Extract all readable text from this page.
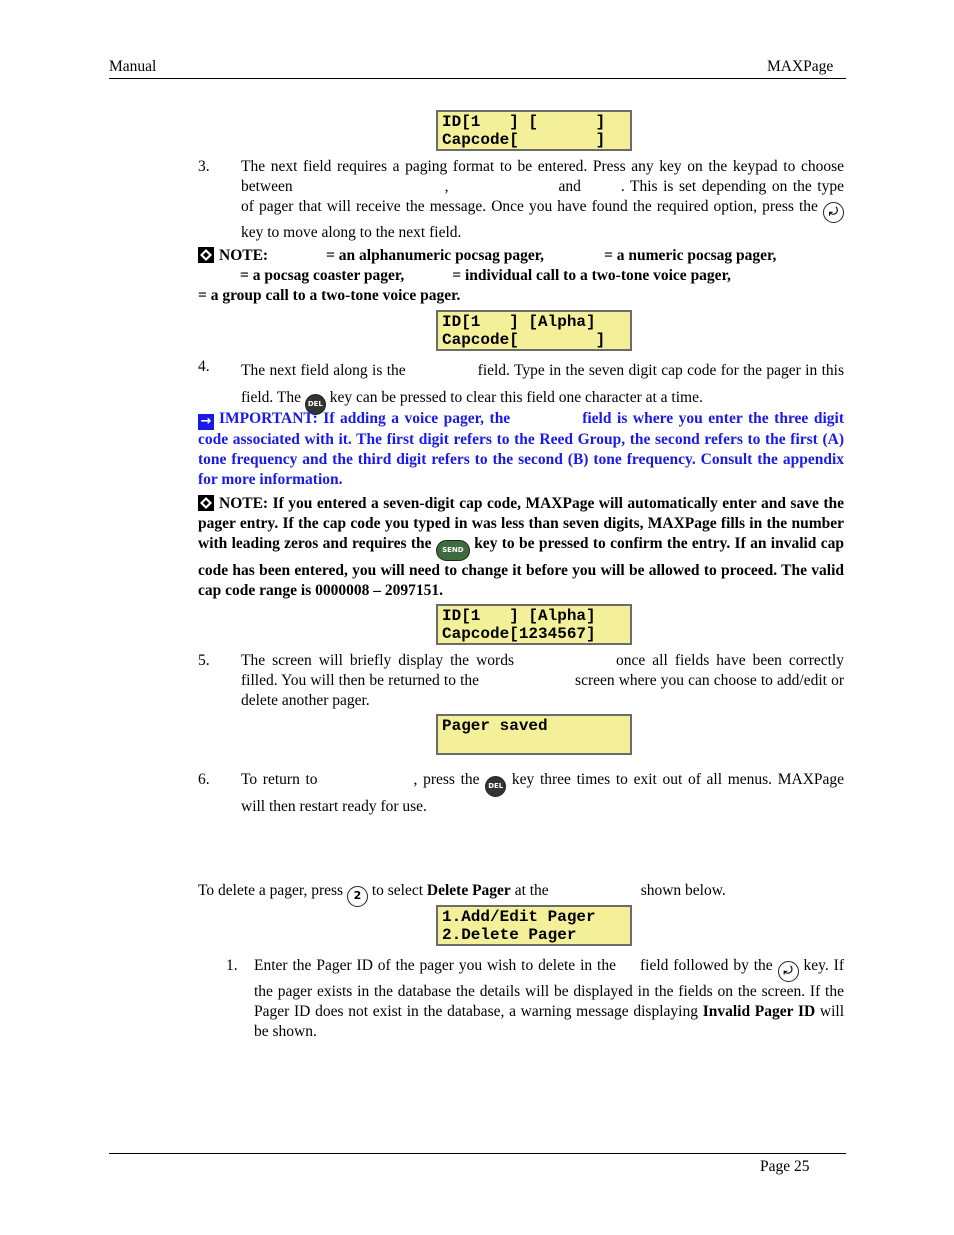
Manual	MAXPage
ID[1   ] [      ]
Capcode[        ]
3. The next field requires a paging format to be entered. Press any key on the keypad to choose between	,	and	. This is set depending on the type of pager that will receive the message. Once you have found the required option, press the ⤾ key to move along to the next field.
NOTE:	= an alphanumeric pocsag pager,	= a numeric pocsag pager,
= a pocsag coaster pager,	= individual call to a two-tone voice pager,
= a group call to a two-tone voice pager.
ID[1   ] [Alpha]
Capcode[        ]
4. The next field along is the	field. Type in the seven digit cap code for the pager in this field. The DEL key can be pressed to clear this field one character at a time.
→ IMPORTANT: If adding a voice pager, the	field is where you enter the three digit code associated with it. The first digit refers to the Reed Group, the second refers to the first (A) tone frequency and the third digit refers to the second (B) tone frequency. Consult the appendix for more information.
NOTE: If you entered a seven-digit cap code, MAXPage will automatically enter and save the pager entry. If the cap code you typed in was less than seven digits, MAXPage fills in the number with leading zeros and requires the SEND key to be pressed to confirm the entry. If an invalid cap code has been entered, you will need to change it before you will be allowed to proceed. The valid cap code range is 0000008 – 2097151.
ID[1   ] [Alpha]
Capcode[1234567]
5. The screen will briefly display the words	once all fields have been correctly filled. You will then be returned to the	screen where you can choose to add/edit or delete another pager.
Pager saved
6. To return to	, press the DEL key three times to exit out of all menus. MAXPage will then restart ready for use.
To delete a pager, press 2 to select Delete Pager at the	shown below.
1.Add/Edit Pager
2.Delete Pager
1. Enter the Pager ID of the pager you wish to delete in the field followed by the ⤾ key. If the pager exists in the database the details will be displayed in the fields on the screen. If the Pager ID does not exist in the database, a warning message displaying Invalid Pager ID will be shown.
Page 25
